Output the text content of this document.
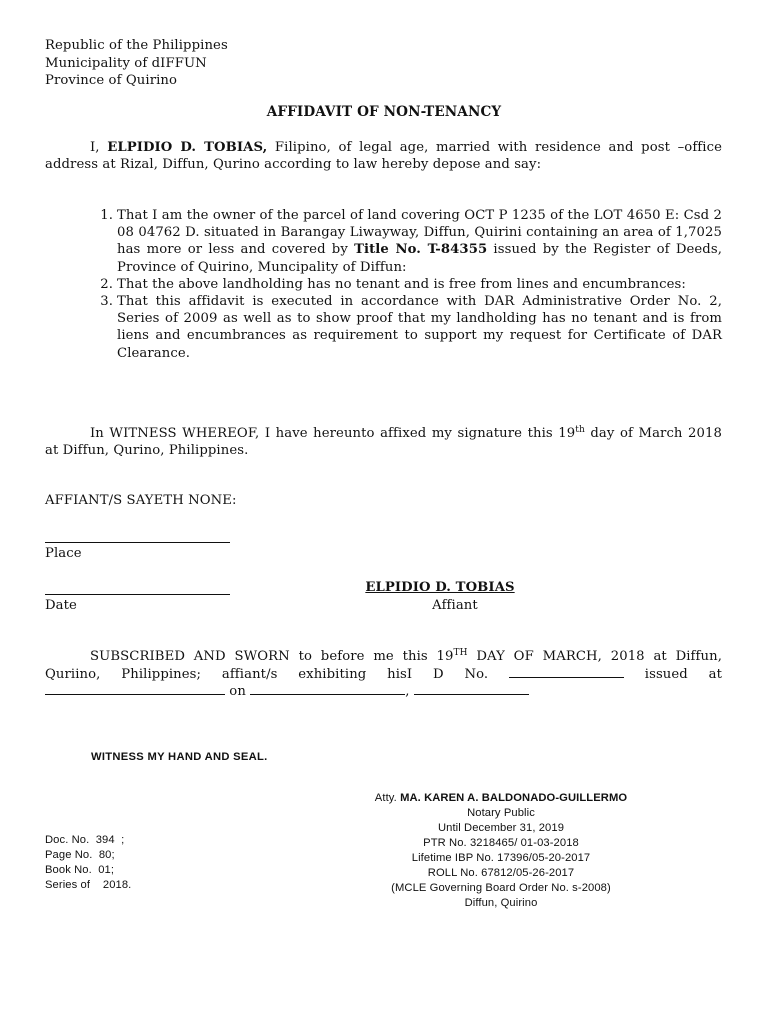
Republic of the Philippines
Municipality of dIFFUN
Province of Quirino
AFFIDAVIT OF NON-TENANCY
I, ELPIDIO D. TOBIAS, Filipino, of legal age, married with residence and post –office address at Rizal, Diffun, Qurino according to law hereby depose and say:
1. That I am the owner of the parcel of land covering OCT P 1235 of the LOT 4650 E: Csd 2 08 04762 D. situated in Barangay Liwayway, Diffun, Quirini containing an area of 1,7025 has more or less and covered by Title No. T-84355 issued by the Register of Deeds, Province of Quirino, Muncipality of Diffun:
2. That the above landholding has no tenant and is free from lines and encumbrances:
3. That this affidavit is executed in accordance with DAR Administrative Order No. 2, Series of 2009 as well as to show proof that my landholding has no tenant and is from liens and encumbrances as requirement to support my request for Certificate of DAR Clearance.
In WITNESS WHEREOF, I have hereunto affixed my signature this 19th day of March 2018 at Diffun, Qurino, Philippines.
AFFIANT/S SAYETH NONE:
Place
Date
ELPIDIO D. TOBIAS
Affiant
SUBSCRIBED AND SWORN to before me this 19TH DAY OF MARCH, 2018 at Diffun, Quriino, Philippines; affiant/s exhibiting hisI D No.	issued at  on	,
WITNESS MY HAND AND SEAL.
Atty. MA. KAREN A. BALDONADO-GUILLERMO
Notary Public
Until December 31, 2019
PTR No. 3218465/ 01-03-2018
Lifetime IBP No. 17396/05-20-2017
ROLL No. 67812/05-26-2017
(MCLE Governing Board Order No. s-2008)
Diffun, Quirino
Doc. No.  394  ;
Page No.  80;
Book No.  01;
Series of    2018.
